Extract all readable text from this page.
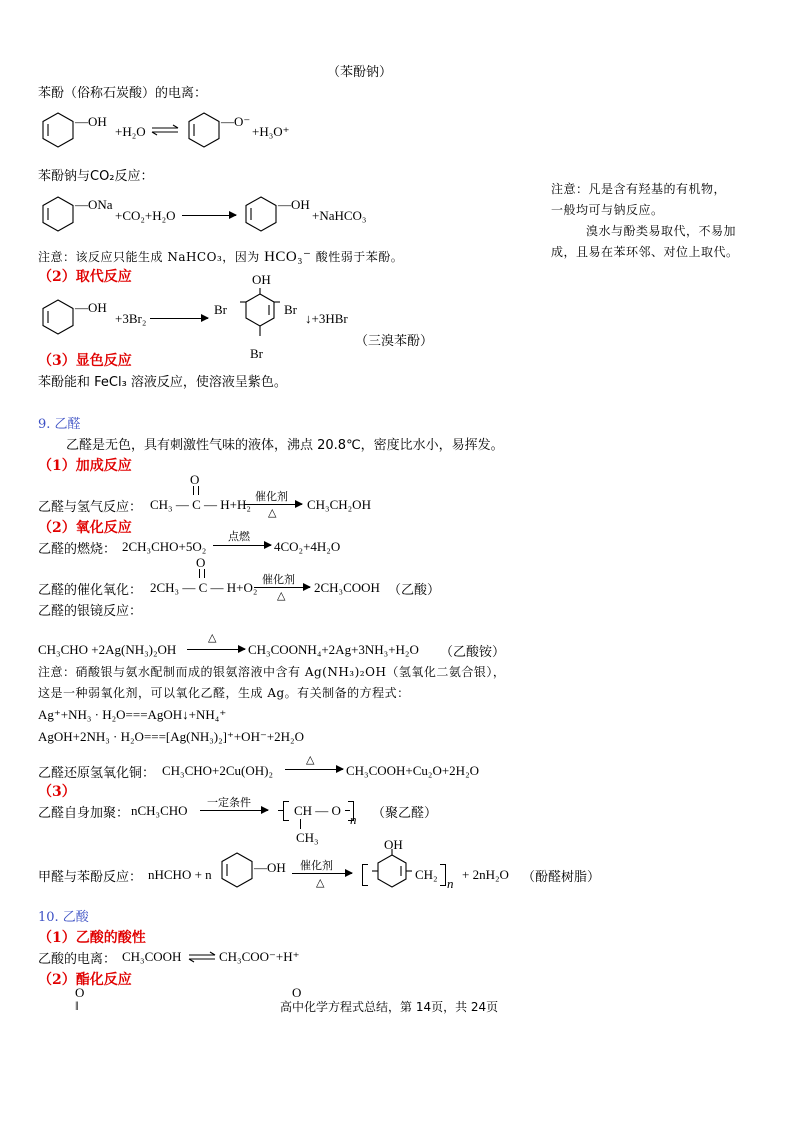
（苯酚钠）
苯酚（俗称石炭酸）的电离：
—OH
+H₂O ⇌	—O⁻
+H₃O⁺
苯酚钠与CO₂反应：
—ONa
+CO₂+H₂O
—OH
+NaHCO₃
注意：凡是含有羟基的有机物，
一般均可与钠反应。
溴水与酚类易取代，不易加
成，且易在苯环邻、对位上取代。
注意：该反应只能生成 NaHCO₃，因为 HCO₃⁻ 酸性弱于苯酚。
（2）取代反应
—OH
+3Br₂
OH
Br	Br
Br
↓+3HBr
（三溴苯酚）
（3）显色反应
苯酚能和 FeCl₃ 溶液反应，使溶液呈紫色。
9. 乙醛
乙醛是无色，具有刺激性气味的液体，沸点 20.8℃，密度比水小，易挥发。
（1）加成反应
O
乙醛与氢气反应： CH₃ — C — H+H₂
催化剂
△
CH₃CH₂OH
（2）氧化反应
乙醛的燃烧： 2CH₃CHO+5O₂
点燃
4CO₂+4H₂O
O
乙醛的催化氧化： 2CH₃ — C — H+O₂
催化剂
△
2CH₃COOH （乙酸）
乙醛的银镜反应：
△
CH₃CHO +2Ag(NH₃)₂OH	CH₃COONH₄+2Ag+3NH₃+H₂O （乙酸铵）
注意：硝酸银与氨水配制而成的银氨溶液中含有 Ag(NH₃)₂OH（氢氧化二氨合银），
这是一种弱氧化剂，可以氧化乙醛，生成 Ag。有关制备的方程式：
Ag⁺+NH₃ · H₂O===AgOH↓+NH₄⁺
AgOH+2NH₃ · H₂O===[Ag(NH₃)₂]⁺+OH⁻+2H₂O
△
乙醛还原氢氧化铜： CH₃CHO+2Cu(OH)₂	CH₃COOH+Cu₂O+2H₂O
（3）
乙醛自身加聚： nCH₃CHO
一定条件
CH — O
n
CH₃
（聚乙醛）
甲醛与苯酚反应： nHCHO + n	—OH 催化剂
△
OH
CH₂
n
+ 2nH₂O （酚醛树脂）
10. 乙酸
（1）乙酸的酸性
乙酸的电离： CH₃COOH ⇌ CH₃COO⁻+H⁺
（2）酯化反应
O
‖
O
高中化学方程式总结，第 14页，共 24页
